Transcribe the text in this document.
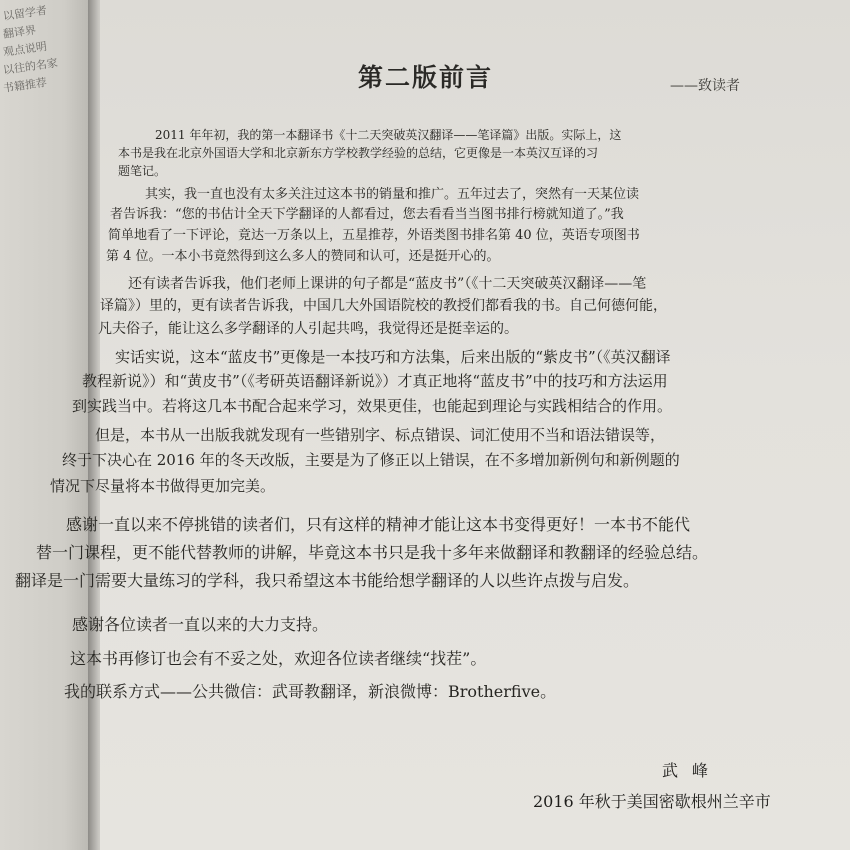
以留学者
翻译界
观点说明
以往的名家
书籍推荐	第二版前言	——致读者

2011 年年初，我的第一本翻译书《十二天突破英汉翻译——笔译篇》出版。实际上，这

本书是我在北京外国语大学和北京新东方学校教学经验的总结，它更像是一本英汉互译的习

题笔记。

其实，我一直也没有太多关注过这本书的销量和推广。五年过去了，突然有一天某位读

者告诉我：“您的书估计全天下学翻译的人都看过，您去看看当当图书排行榜就知道了。”我

简单地看了一下评论，竟达一万条以上，五星推荐，外语类图书排名第 40 位，英语专项图书

第 4 位。一本小书竟然得到这么多人的赞同和认可，还是挺开心的。

还有读者告诉我，他们老师上课讲的句子都是“蓝皮书”（《十二天突破英汉翻译——笔

译篇》）里的，更有读者告诉我，中国几大外国语院校的教授们都看我的书。自己何德何能，

凡夫俗子，能让这么多学翻译的人引起共鸣，我觉得还是挺幸运的。

实话实说，这本“蓝皮书”更像是一本技巧和方法集，后来出版的“紫皮书”（《英汉翻译

教程新说》）和“黄皮书”（《考研英语翻译新说》）才真正地将“蓝皮书”中的技巧和方法运用

到实践当中。若将这几本书配合起来学习，效果更佳，也能起到理论与实践相结合的作用。

但是，本书从一出版我就发现有一些错别字、标点错误、词汇使用不当和语法错误等，

终于下决心在 2016 年的冬天改版，主要是为了修正以上错误，在不多增加新例句和新例题的

情况下尽量将本书做得更加完美。

感谢一直以来不停挑错的读者们，只有这样的精神才能让这本书变得更好！一本书不能代

替一门课程，更不能代替教师的讲解，毕竟这本书只是我十多年来做翻译和教翻译的经验总结。

翻译是一门需要大量练习的学科，我只希望这本书能给想学翻译的人以些许点拨与启发。

感谢各位读者一直以来的大力支持。

这本书再修订也会有不妥之处，欢迎各位读者继续“找茬”。

我的联系方式——公共微信：武哥教翻译，新浪微博：Brotherfive。

武峰
2016 年秋于美国密歇根州兰辛市
